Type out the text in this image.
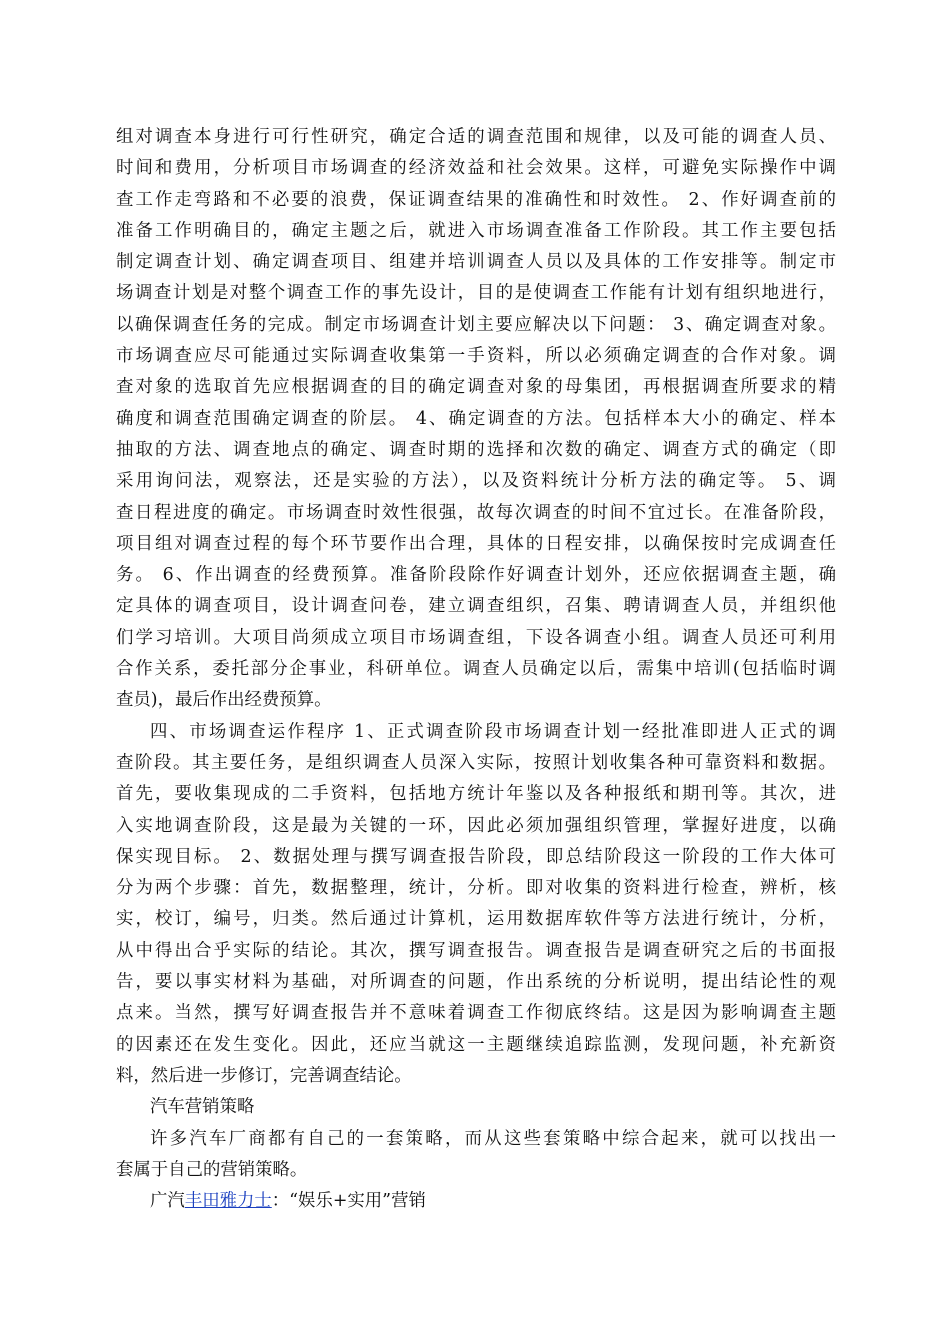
组对调查本身进行可行性研究，确定合适的调查范围和规律，以及可能的调查人员、
时间和费用，分析项目市场调查的经济效益和社会效果。这样，可避免实际操作中调
查工作走弯路和不必要的浪费，保证调查结果的准确性和时效性。 2、作好调查前的
准备工作明确目的，确定主题之后，就进入市场调查准备工作阶段。其工作主要包括
制定调查计划、确定调查项目、组建并培训调查人员以及具体的工作安排等。制定市
场调查计划是对整个调查工作的事先设计，目的是使调查工作能有计划有组织地进行，
以确保调查任务的完成。制定市场调查计划主要应解决以下问题： 3、确定调查对象。
市场调查应尽可能通过实际调查收集第一手资料，所以必须确定调查的合作对象。调
查对象的选取首先应根据调查的目的确定调查对象的母集团，再根据调查所要求的精
确度和调查范围确定调查的阶层。 4、确定调查的方法。包括样本大小的确定、样本
抽取的方法、调查地点的确定、调查时期的选择和次数的确定、调查方式的确定（即
采用询问法，观察法，还是实验的方法），以及资料统计分析方法的确定等。 5、调
查日程进度的确定。市场调查时效性很强，故每次调查的时间不宜过长。在准备阶段，
项目组对调查过程的每个环节要作出合理，具体的日程安排，以确保按时完成调查任
务。 6、作出调查的经费预算。准备阶段除作好调查计划外，还应依据调查主题，确
定具体的调查项目，设计调查问卷，建立调查组织，召集、聘请调查人员，并组织他
们学习培训。大项目尚须成立项目市场调查组，下设各调查小组。调查人员还可利用
合作关系，委托部分企事业，科研单位。调查人员确定以后，需集中培训(包括临时调
查员)，最后作出经费预算。
四、市场调查运作程序 1、正式调查阶段市场调查计划一经批准即进人正式的调
查阶段。其主要任务，是组织调查人员深入实际，按照计划收集各种可靠资料和数据。
首先，要收集现成的二手资料，包括地方统计年鉴以及各种报纸和期刊等。其次，进
入实地调查阶段，这是最为关键的一环，因此必须加强组织管理，掌握好进度，以确
保实现目标。 2、数据处理与撰写调查报告阶段，即总结阶段这一阶段的工作大体可
分为两个步骤：首先，数据整理，统计，分析。即对收集的资料进行检查，辨析，核
实，校订，编号，归类。然后通过计算机，运用数据库软件等方法进行统计，分析，
从中得出合乎实际的结论。其次，撰写调查报告。调查报告是调查研究之后的书面报
告，要以事实材料为基础，对所调查的问题，作出系统的分析说明，提出结论性的观
点来。当然，撰写好调查报告并不意味着调查工作彻底终结。这是因为影响调查主题
的因素还在发生变化。因此，还应当就这一主题继续追踪监测，发现问题，补充新资
料，然后进一步修订，完善调查结论。
汽车营销策略
许多汽车厂商都有自己的一套策略，而从这些套策略中综合起来，就可以找出一
套属于自己的营销策略。
广汽丰田雅力士：“娱乐+实用”营销
